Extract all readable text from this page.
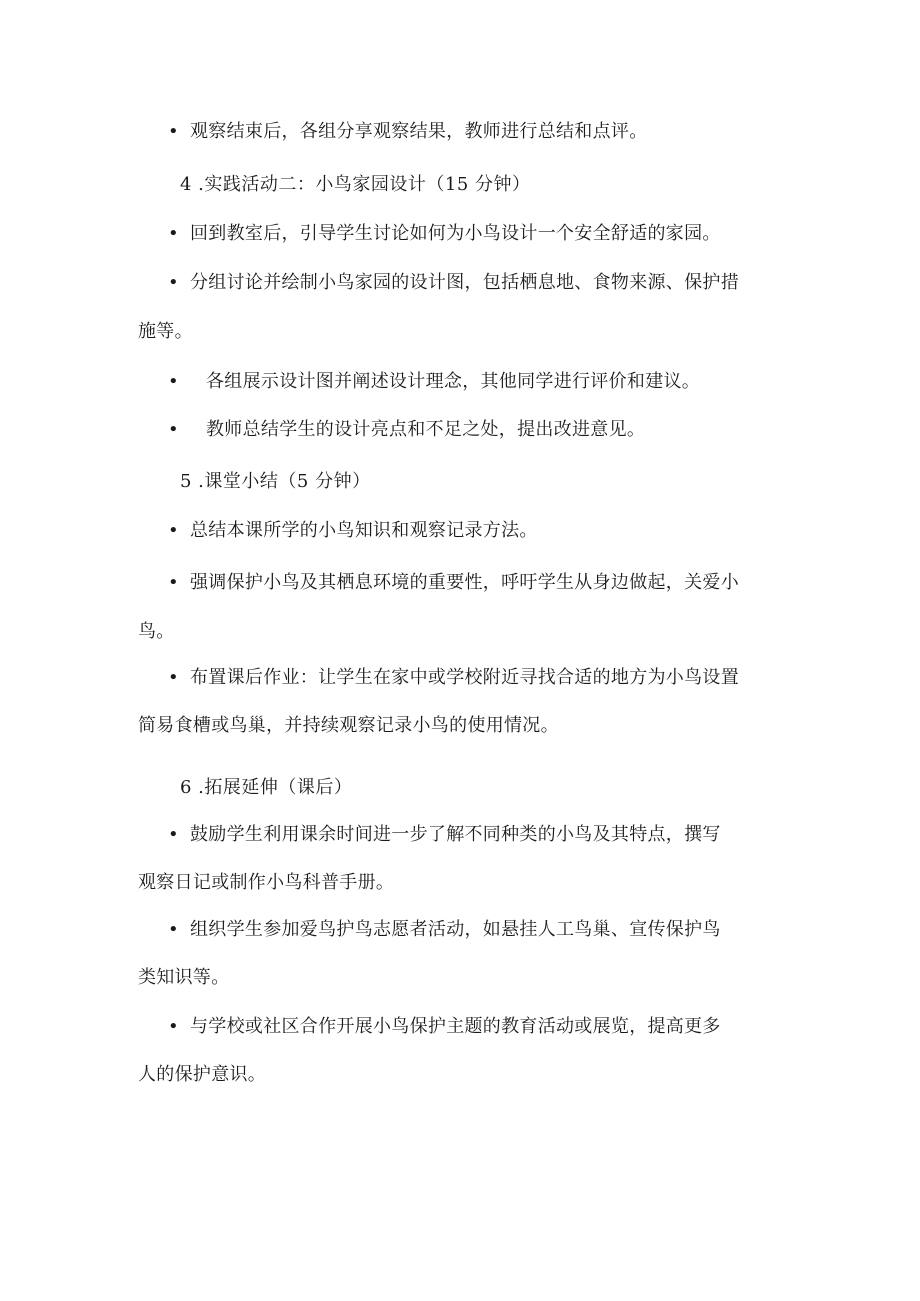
• 观察结束后，各组分享观察结果，教师进行总结和点评。
4 .实践活动二：小鸟家园设计（15 分钟）
• 回到教室后，引导学生讨论如何为小鸟设计一个安全舒适的家园。
• 分组讨论并绘制小鸟家园的设计图，包括栖息地、食物来源、保护措
施等。
• 各组展示设计图并阐述设计理念，其他同学进行评价和建议。
• 教师总结学生的设计亮点和不足之处，提出改进意见。
5 .课堂小结（5 分钟）
• 总结本课所学的小鸟知识和观察记录方法。
• 强调保护小鸟及其栖息环境的重要性，呼吁学生从身边做起，关爱小
鸟。
• 布置课后作业：让学生在家中或学校附近寻找合适的地方为小鸟设置
简易食槽或鸟巢，并持续观察记录小鸟的使用情况。
6 .拓展延伸（课后）
• 鼓励学生利用课余时间进一步了解不同种类的小鸟及其特点，撰写
观察日记或制作小鸟科普手册。
• 组织学生参加爱鸟护鸟志愿者活动，如悬挂人工鸟巢、宣传保护鸟
类知识等。
• 与学校或社区合作开展小鸟保护主题的教育活动或展览，提高更多
人的保护意识。
